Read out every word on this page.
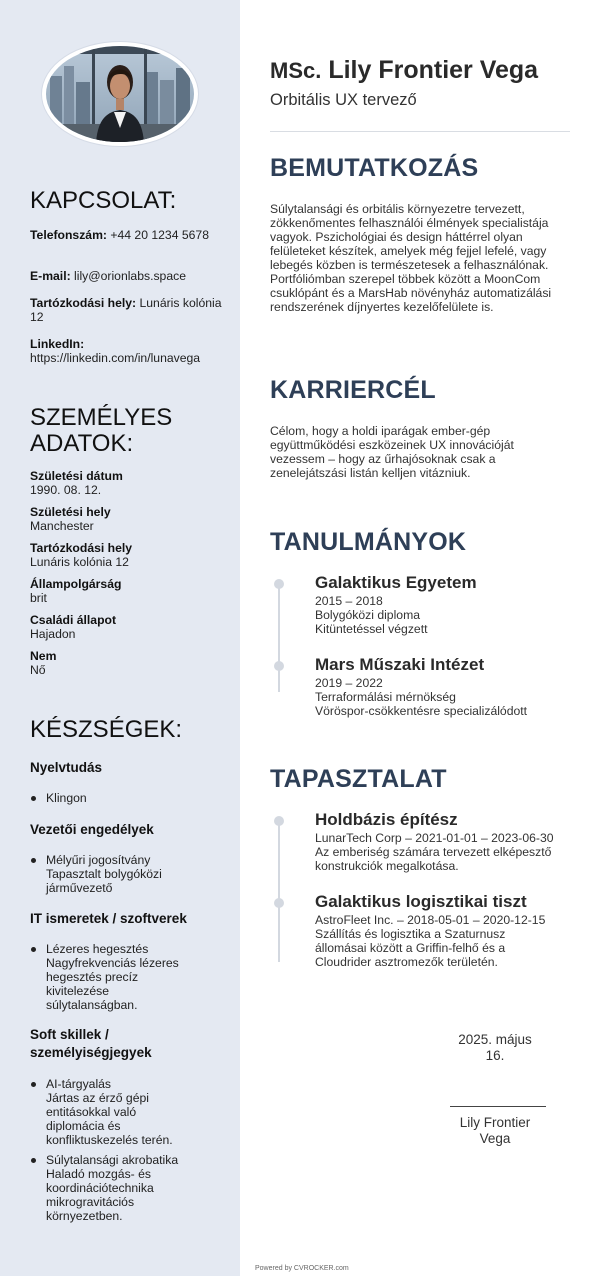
KAPCSOLAT:
Telefonszám: +44 20 1234 5678
E-mail: lily@orionlabs.space
Tartózkodási hely: Lunáris kolónia 12
LinkedIn:
https://linkedin.com/in/lunavega
SZEMÉLYES ADATOK:
Születési dátum
1990. 08. 12.
Születési hely
Manchester
Tartózkodási hely
Lunáris kolónia 12
Állampolgárság
brit
Családi állapot
Hajadon
Nem
Nő
KÉSZSÉGEK:
Nyelvtudás
Klingon
Vezetői engedélyek
Mélyűri jogosítvány
Tapasztalt bolygóközi járművezető
IT ismeretek / szoftverek
Lézeres hegesztés
Nagyfrekvenciás lézeres hegesztés precíz kivitelezése súlytalanságban.
Soft skillek / személyiségjegyek
AI-tárgyalás
Jártas az érző gépi entitásokkal való diplomácia és konfliktuskezelés terén.
Súlytalansági akrobatika
Haladó mozgás- és koordinációtechnika mikrogravitációs környezetben.
MSc. Lily Frontier Vega
Orbitális UX tervező
BEMUTATKOZÁS

Súlytalansági és orbitális környezetre tervezett, zökkenőmentes felhasználói élmények specialistája vagyok. Pszichológiai és design háttérrel olyan felületeket készítek, amelyek még fejjel lefelé, vagy lebegés közben is természetesek a felhasználónak. Portfóliómban szerepel többek között a MoonCom csuklópánt és a MarsHab növényház automatizálási rendszerének díjnyertes kezelőfelülete is.

KARRIERCÉL

Célom, hogy a holdi iparágak ember-gép együttműködési eszközeinek UX innovációját vezessem – hogy az űrhajósoknak csak a zenelejátszási listán kelljen vitázniuk.

TANULMÁNYOK
Galaktikus Egyetem
2015 – 2018
Bolygóközi diploma
Kitüntetéssel végzett
Mars Műszaki Intézet
2019 – 2022
Terraformálási mérnökség
Vöröspor-csökkentésre specializálódott
TAPASZTALAT
Holdbázis építész
LunarTech Corp – 2021-01-01 – 2023-06-30
Az emberiség számára tervezett elképesztő konstrukciók megalkotása.
Galaktikus logisztikai tiszt
AstroFleet Inc. – 2018-05-01 – 2020-12-15
Szállítás és logisztika a Szaturnusz állomásai között a Griffin-felhő és a Cloudrider asztromezők területén.
2025. május 16.
Lily Frontier Vega
Powered by CVROCKER.com
